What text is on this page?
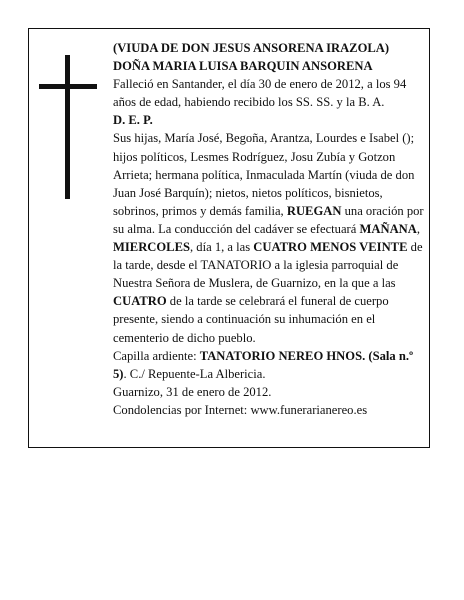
(VIUDA DE DON JESUS ANSORENA IRAZOLA)

DOÑA MARIA LUISA BARQUIN ANSORENA

Falleció en Santander, el día 30 de enero de 2012, a los 94 años de edad, habiendo recibido los SS. SS. y la B. A.

D. E. P.

Sus hijas, María José, Begoña, Arantza, Lourdes e Isabel (); hijos políticos, Lesmes Rodríguez, Josu Zubía y Gotzon Arrieta; hermana política, Inmaculada Martín (viuda de don Juan José Barquín); nietos, nietos políticos, bisnietos, sobrinos, primos y demás familia, RUEGAN una oración por su alma. La conducción del cadáver se efectuará MAÑANA, MIERCOLES, día 1, a las CUATRO MENOS VEINTE de la tarde, desde el TANATORIO a la iglesia parroquial de Nuestra Señora de Muslera, de Guarnizo, en la que a las CUATRO de la tarde se celebrará el funeral de cuerpo presente, siendo a continuación su inhumación en el cementerio de dicho pueblo.

Capilla ardiente: TANATORIO NEREO HNOS. (Sala n.º 5). C./ Repuente-La Albericia.

Guarnizo, 31 de enero de 2012.

Condolencias por Internet: www.funerarianereo.es
